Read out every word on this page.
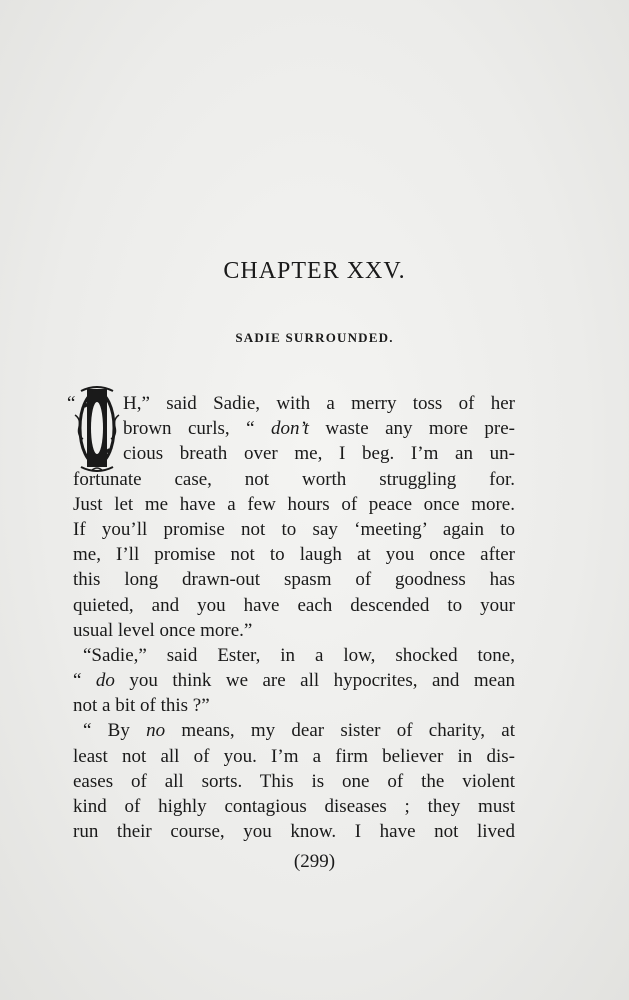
CHAPTER XXV.
SADIE SURROUNDED.
“	H,” said Sadie, with a merry toss of her
brown curls, “ don’t waste any more pre-
cious breath over me, I beg. I’m an un-
fortunate case, not worth struggling for.
Just let me have a few hours of peace once more.
If you’ll promise not to say ‘meeting’ again to
me, I’ll promise not to laugh at you once after
this long drawn-out spasm of goodness has
quieted, and you have each descended to your
usual level once more.”
“Sadie,” said Ester, in a low, shocked tone,
“ do you think we are all hypocrites, and mean
not a bit of this ?”
“ By no means, my dear sister of charity, at
least not all of you. I’m a firm believer in dis-
eases of all sorts. This is one of the violent
kind of highly contagious diseases ; they must
run their course, you know. I have not lived
(299)
